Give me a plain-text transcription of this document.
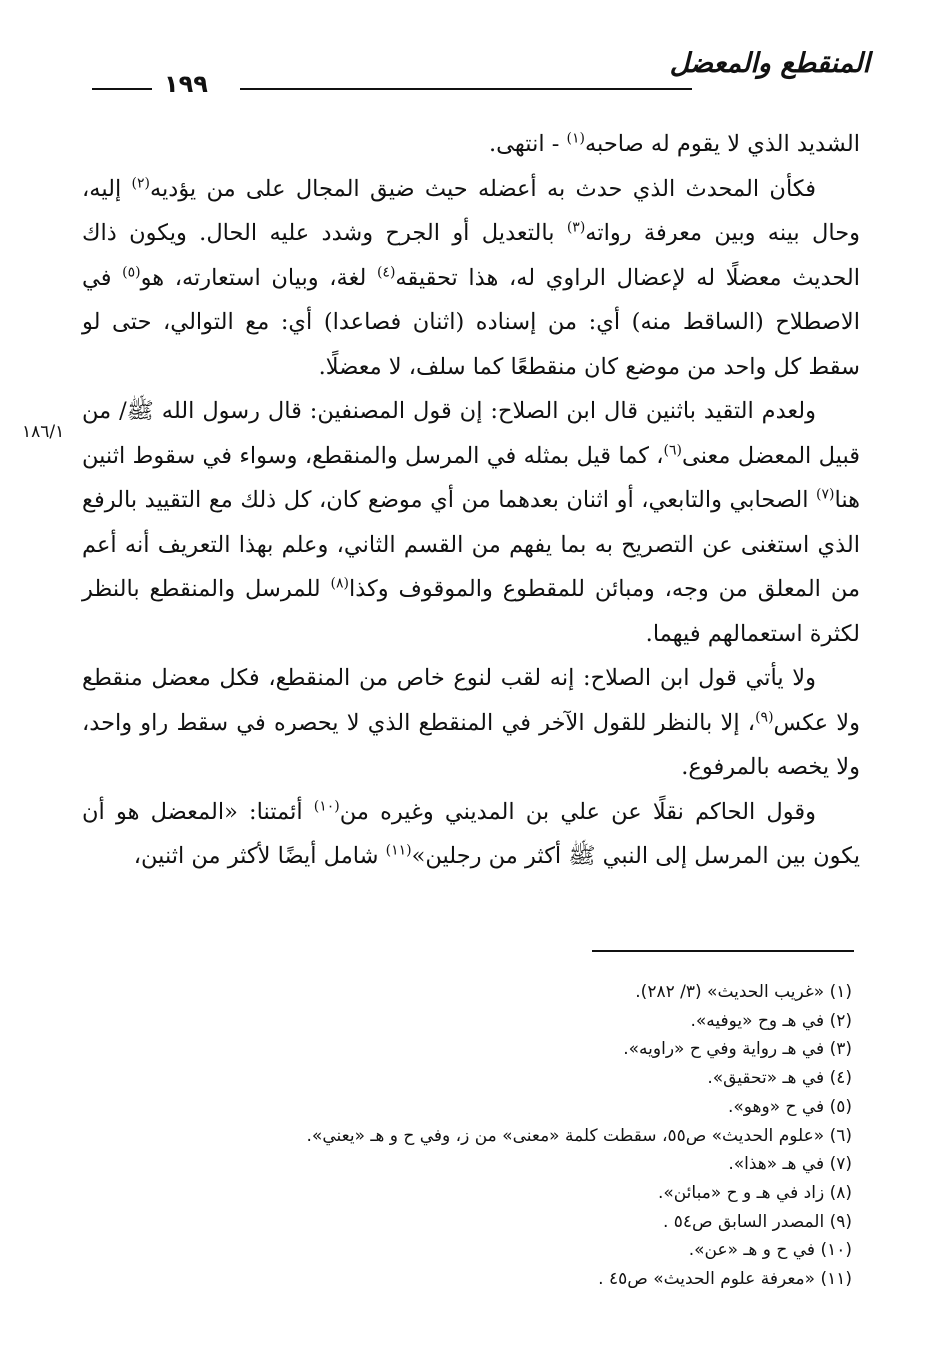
المنقطع والمعضل
١٩٩
١٨٦/١

الشديد الذي لا يقوم له صاحبه$^{(١)}$ - انتهى.

فكأن المحدث الذي حدث به أعضله حيث ضيق المجال على من يؤديه$^{(٢)}$ إليه، وحال بينه وبين معرفة رواته$^{(٣)}$ بالتعديل أو الجرح وشدد عليه الحال. ويكون ذاك الحديث معضلًا له لإعضال الراوي له، هذا تحقيقه$^{(٤)}$ لغة، وبيان استعارته، هو$^{(٥)}$ في الاصطلاح (الساقط منه) أي: من إسناده (اثنان فصاعدا) أي: مع التوالي، حتى لو سقط كل واحد من موضع كان منقطعًا كما سلف، لا معضلًا.

ولعدم التقيد باثنين قال ابن الصلاح: إن قول المصنفين: قال رسول الله ﷺ/ من قبيل المعضل معنى$^{(٦)}$، كما قيل بمثله في المرسل والمنقطع، وسواء في سقوط اثنين هنا$^{(٧)}$ الصحابي والتابعي، أو اثنان بعدهما من أي موضع كان، كل ذلك مع التقييد بالرفع الذي استغنى عن التصريح به بما يفهم من القسم الثاني، وعلم بهذا التعريف أنه أعم من المعلق من وجه، ومبائن للمقطوع والموقوف وكذا$^{(٨)}$ للمرسل والمنقطع بالنظر لكثرة استعمالهم فيهما.

ولا يأتي قول ابن الصلاح: إنه لقب لنوع خاص من المنقطع، فكل معضل منقطع ولا عكس$^{(٩)}$، إلا بالنظر للقول الآخر في المنقطع الذي لا يحصره في سقط راو واحد، ولا يخصه بالمرفوع.

وقول الحاكم نقلًا عن علي بن المديني وغيره من$^{(١٠)}$ أئمتنا: «المعضل هو أن يكون بين المرسل إلى النبي ﷺ أكثر من رجلين»$^{(١١)}$ شامل أيضًا لأكثر من اثنين،

(١) «غريب الحديث» (٣/ ٢٨٢).

(٢) في هـ وح «يوفيه».

(٣) في هـ رواية وفي ح «راويه».

(٤) في هـ «تحقيق».

(٥) في ح «وهو».

(٦) «علوم الحديث» ص٥٥، سقطت كلمة «معنى» من ز، وفي ح و هـ «يعني».

(٧) في هـ «هذا».

(٨) زاد في هـ و ح «مبائن».

(٩) المصدر السابق ص٥٤ .

(١٠) في ح و هـ «عن».

(١١) «معرفة علوم الحديث» ص٤٥ .
